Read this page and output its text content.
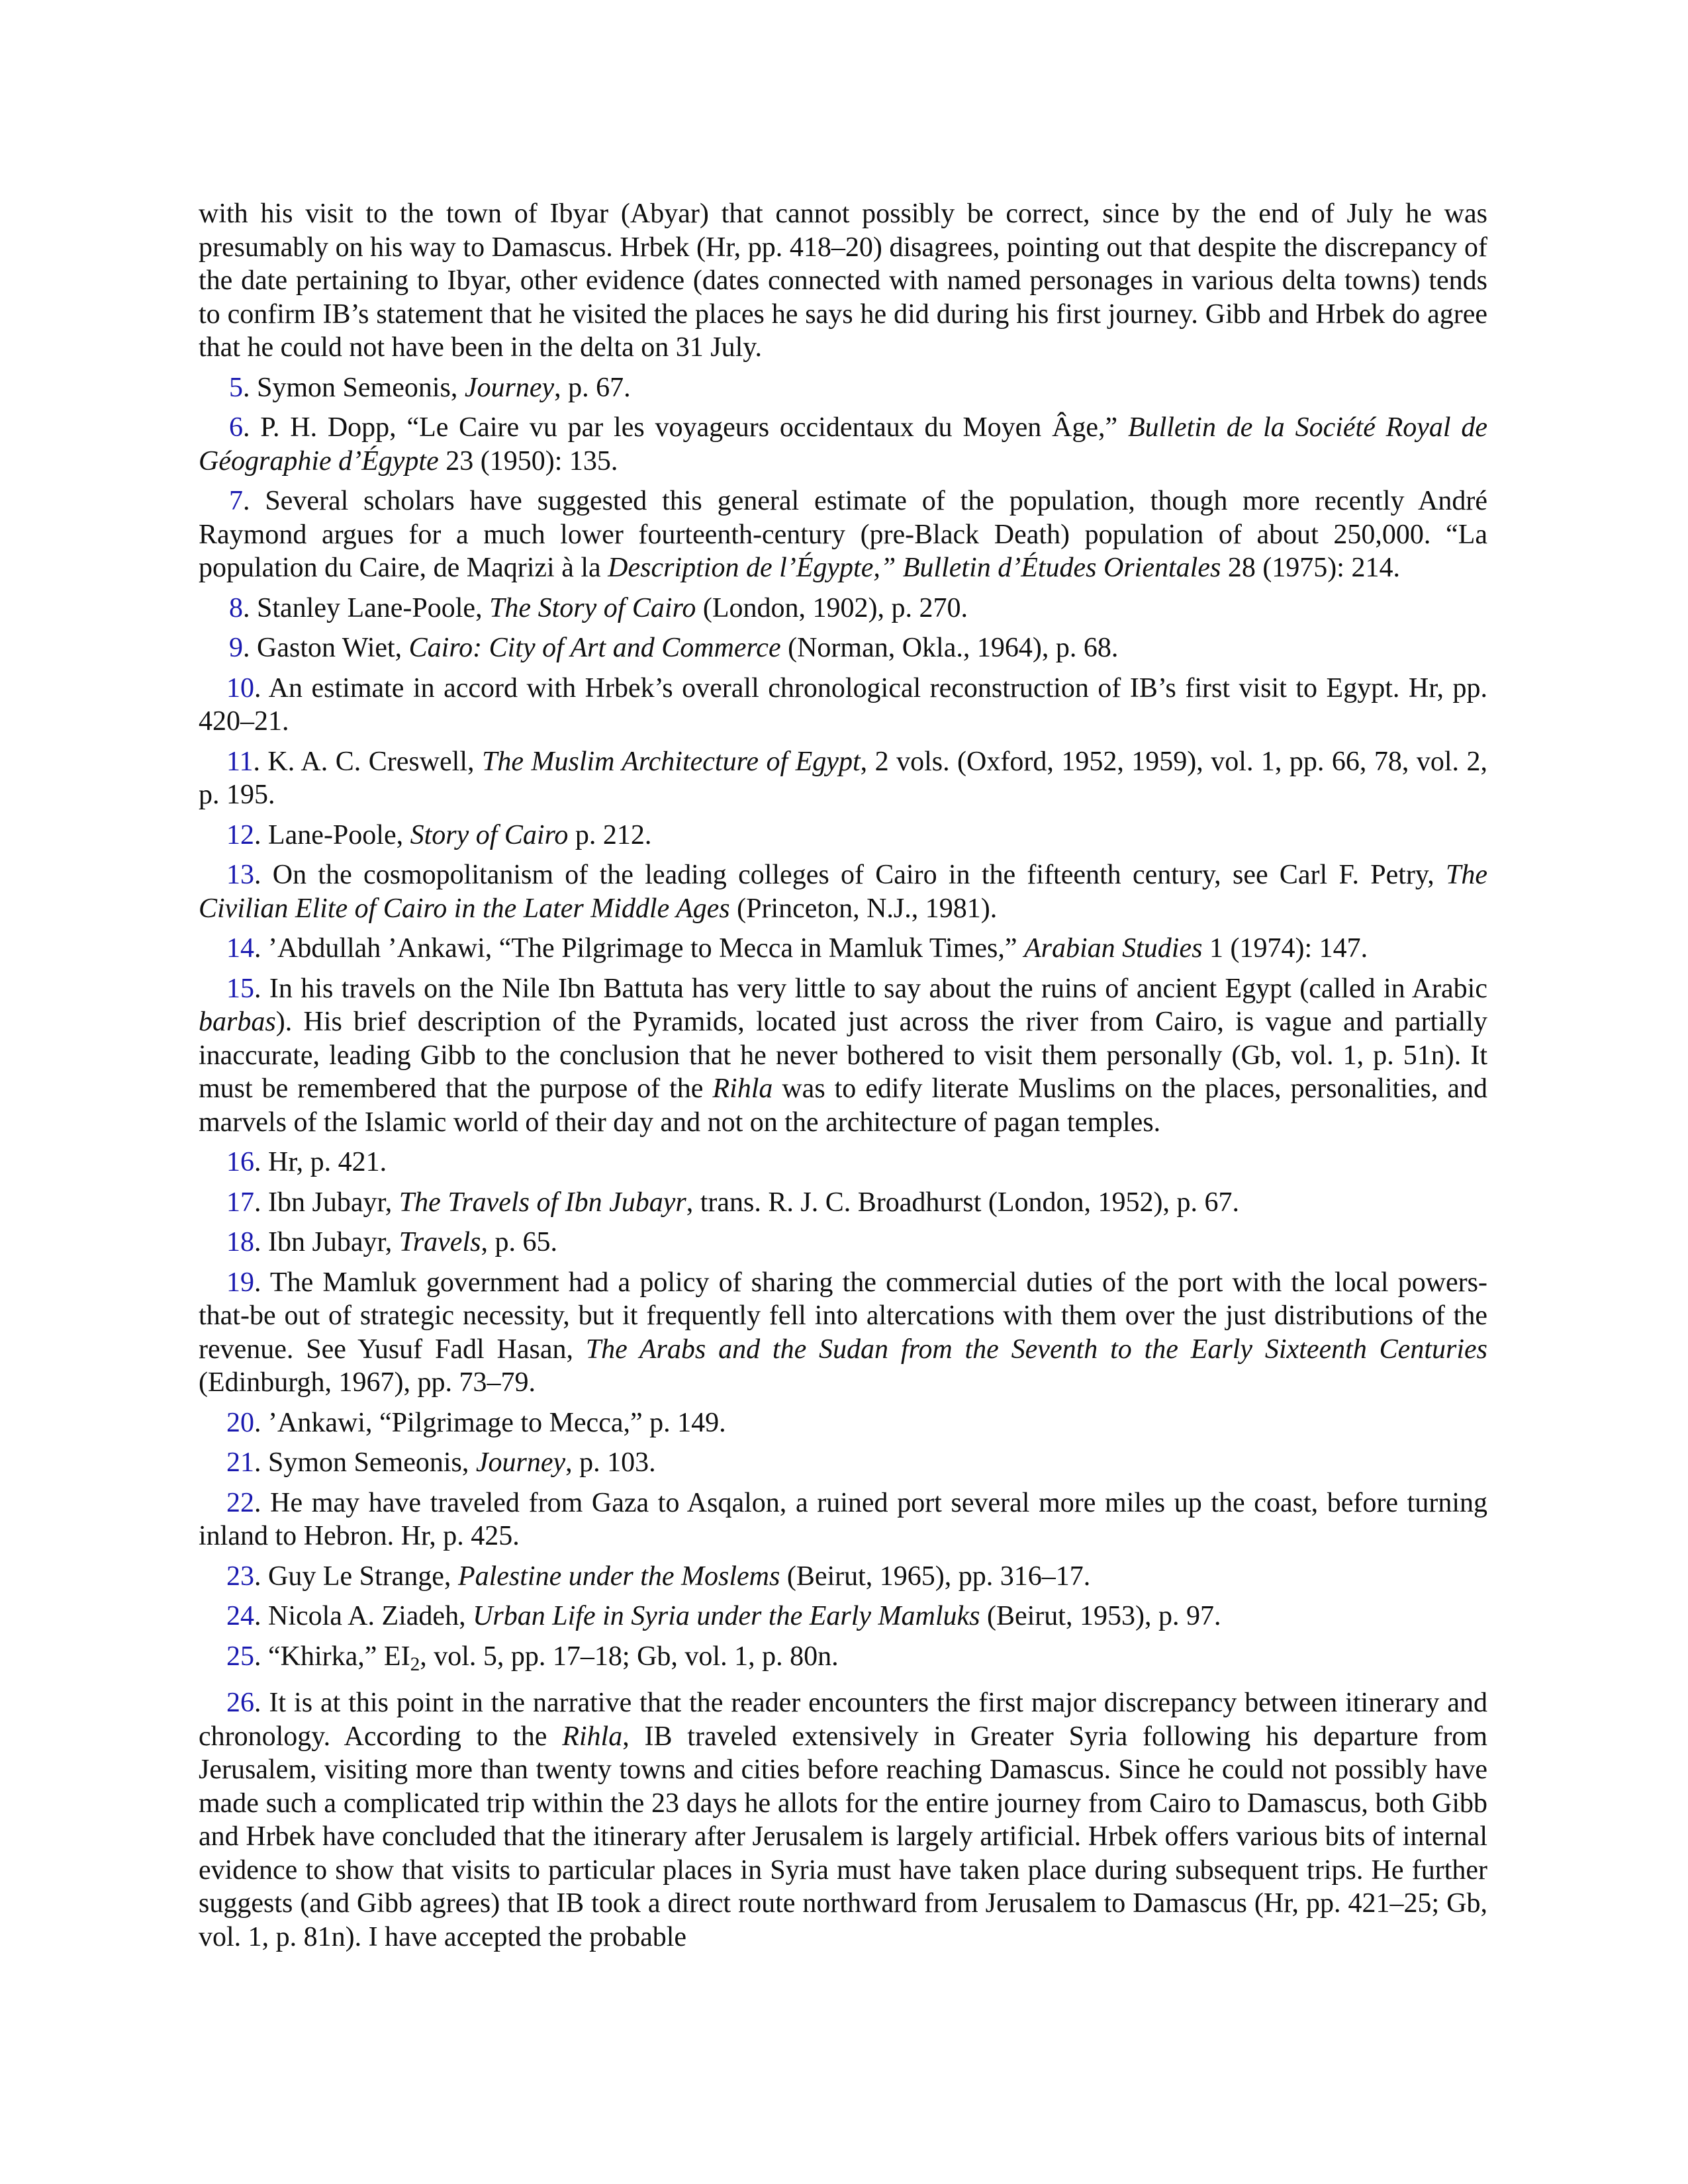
with his visit to the town of Ibyar (Abyar) that cannot possibly be correct, since by the end of July he was presumably on his way to Damascus. Hrbek (Hr, pp. 418–20) disagrees, pointing out that despite the discrepancy of the date pertaining to Ibyar, other evidence (dates connected with named personages in various delta towns) tends to confirm IB’s statement that he visited the places he says he did during his first journey. Gibb and Hrbek do agree that he could not have been in the delta on 31 July.

5. Symon Semeonis, Journey, p. 67.

6. P. H. Dopp, “Le Caire vu par les voyageurs occidentaux du Moyen Âge,” Bulletin de la Société Royal de Géographie d’Égypte 23 (1950): 135.

7. Several scholars have suggested this general estimate of the population, though more recently André Raymond argues for a much lower fourteenth-century (pre-Black Death) population of about 250,000. “La population du Caire, de Maqrizi à la Description de l’Égypte,” Bulletin d’Études Orientales 28 (1975): 214.

8. Stanley Lane-Poole, The Story of Cairo (London, 1902), p. 270.

9. Gaston Wiet, Cairo: City of Art and Commerce (Norman, Okla., 1964), p. 68.

10. An estimate in accord with Hrbek’s overall chronological reconstruction of IB’s first visit to Egypt. Hr, pp. 420–21.

11. K. A. C. Creswell, The Muslim Architecture of Egypt, 2 vols. (Oxford, 1952, 1959), vol. 1, pp. 66, 78, vol. 2, p. 195.

12. Lane-Poole, Story of Cairo p. 212.

13. On the cosmopolitanism of the leading colleges of Cairo in the fifteenth century, see Carl F. Petry, The Civilian Elite of Cairo in the Later Middle Ages (Princeton, N.J., 1981).

14. ’Abdullah ’Ankawi, “The Pilgrimage to Mecca in Mamluk Times,” Arabian Studies 1 (1974): 147.

15. In his travels on the Nile Ibn Battuta has very little to say about the ruins of ancient Egypt (called in Arabic barbas). His brief description of the Pyramids, located just across the river from Cairo, is vague and partially inaccurate, leading Gibb to the conclusion that he never bothered to visit them personally (Gb, vol. 1, p. 51n). It must be remembered that the purpose of the Rihla was to edify literate Muslims on the places, personalities, and marvels of the Islamic world of their day and not on the architecture of pagan temples.

16. Hr, p. 421.

17. Ibn Jubayr, The Travels of Ibn Jubayr, trans. R. J. C. Broadhurst (London, 1952), p. 67.

18. Ibn Jubayr, Travels, p. 65.

19. The Mamluk government had a policy of sharing the commercial duties of the port with the local powers-that-be out of strategic necessity, but it frequently fell into altercations with them over the just distributions of the revenue. See Yusuf Fadl Hasan, The Arabs and the Sudan from the Seventh to the Early Sixteenth Centuries (Edinburgh, 1967), pp. 73–79.

20. ’Ankawi, “Pilgrimage to Mecca,” p. 149.

21. Symon Semeonis, Journey, p. 103.

22. He may have traveled from Gaza to Asqalon, a ruined port several more miles up the coast, before turning inland to Hebron. Hr, p. 425.

23. Guy Le Strange, Palestine under the Moslems (Beirut, 1965), pp. 316–17.

24. Nicola A. Ziadeh, Urban Life in Syria under the Early Mamluks (Beirut, 1953), p. 97.

25. “Khirka,” $EI_2$, vol. 5, pp. 17–18; Gb, vol. 1, p. 80n.

26. It is at this point in the narrative that the reader encounters the first major discrepancy between itinerary and chronology. According to the Rihla, IB traveled extensively in Greater Syria following his departure from Jerusalem, visiting more than twenty towns and cities before reaching Damascus. Since he could not possibly have made such a complicated trip within the 23 days he allots for the entire journey from Cairo to Damascus, both Gibb and Hrbek have concluded that the itinerary after Jerusalem is largely artificial. Hrbek offers various bits of internal evidence to show that visits to particular places in Syria must have taken place during subsequent trips. He further suggests (and Gibb agrees) that IB took a direct route northward from Jerusalem to Damascus (Hr, pp. 421–25; Gb, vol. 1, p. 81n). I have accepted the probable
